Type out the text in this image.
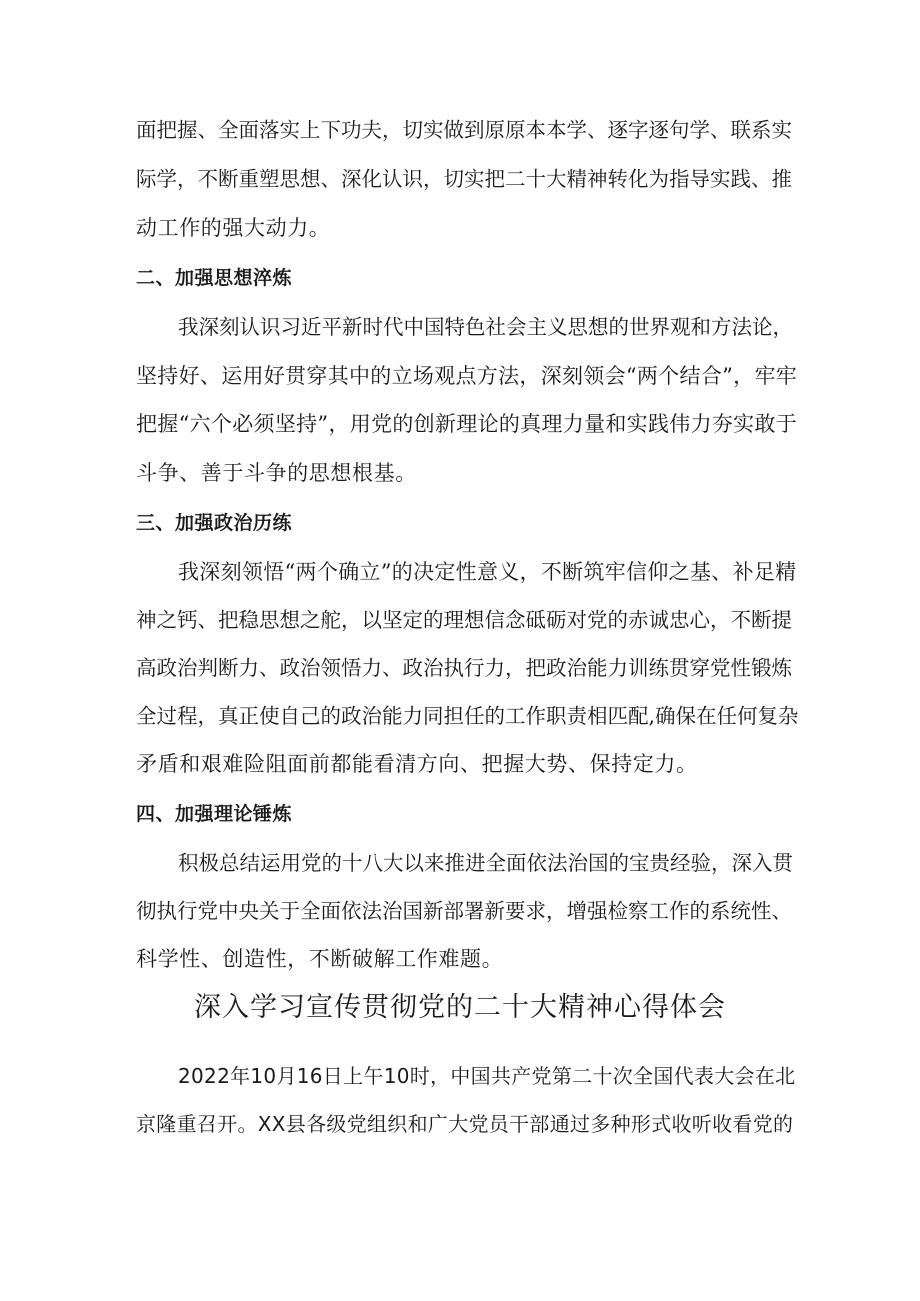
面把握、全面落实上下功夫，切实做到原原本本学、逐字逐句学、联系实
际学，不断重塑思想、深化认识，切实把二十大精神转化为指导实践、推
动工作的强大动力。
二、加强思想淬炼
我深刻认识习近平新时代中国特色社会主义思想的世界观和方法论，
坚持好、运用好贯穿其中的立场观点方法，深刻领会“两个结合”，牢牢
把握“六个必须坚持”，用党的创新理论的真理力量和实践伟力夯实敢于
斗争、善于斗争的思想根基。
三、加强政治历练
我深刻领悟“两个确立”的决定性意义，不断筑牢信仰之基、补足精
神之钙、把稳思想之舵，以坚定的理想信念砥砺对党的赤诚忠心，不断提
高政治判断力、政治领悟力、政治执行力，把政治能力训练贯穿党性锻炼
全过程，真正使自己的政治能力同担任的工作职责相匹配,确保在任何复杂
矛盾和艰难险阻面前都能看清方向、把握大势、保持定力。
四、加强理论锤炼
积极总结运用党的十八大以来推进全面依法治国的宝贵经验，深入贯
彻执行党中央关于全面依法治国新部署新要求，增强检察工作的系统性、
科学性、创造性，不断破解工作难题。
深入学习宣传贯彻党的二十大精神心得体会
2022年10月16日上午10时，中国共产党第二十次全国代表大会在北
京隆重召开。XX县各级党组织和广大党员干部通过多种形式收听收看党的
